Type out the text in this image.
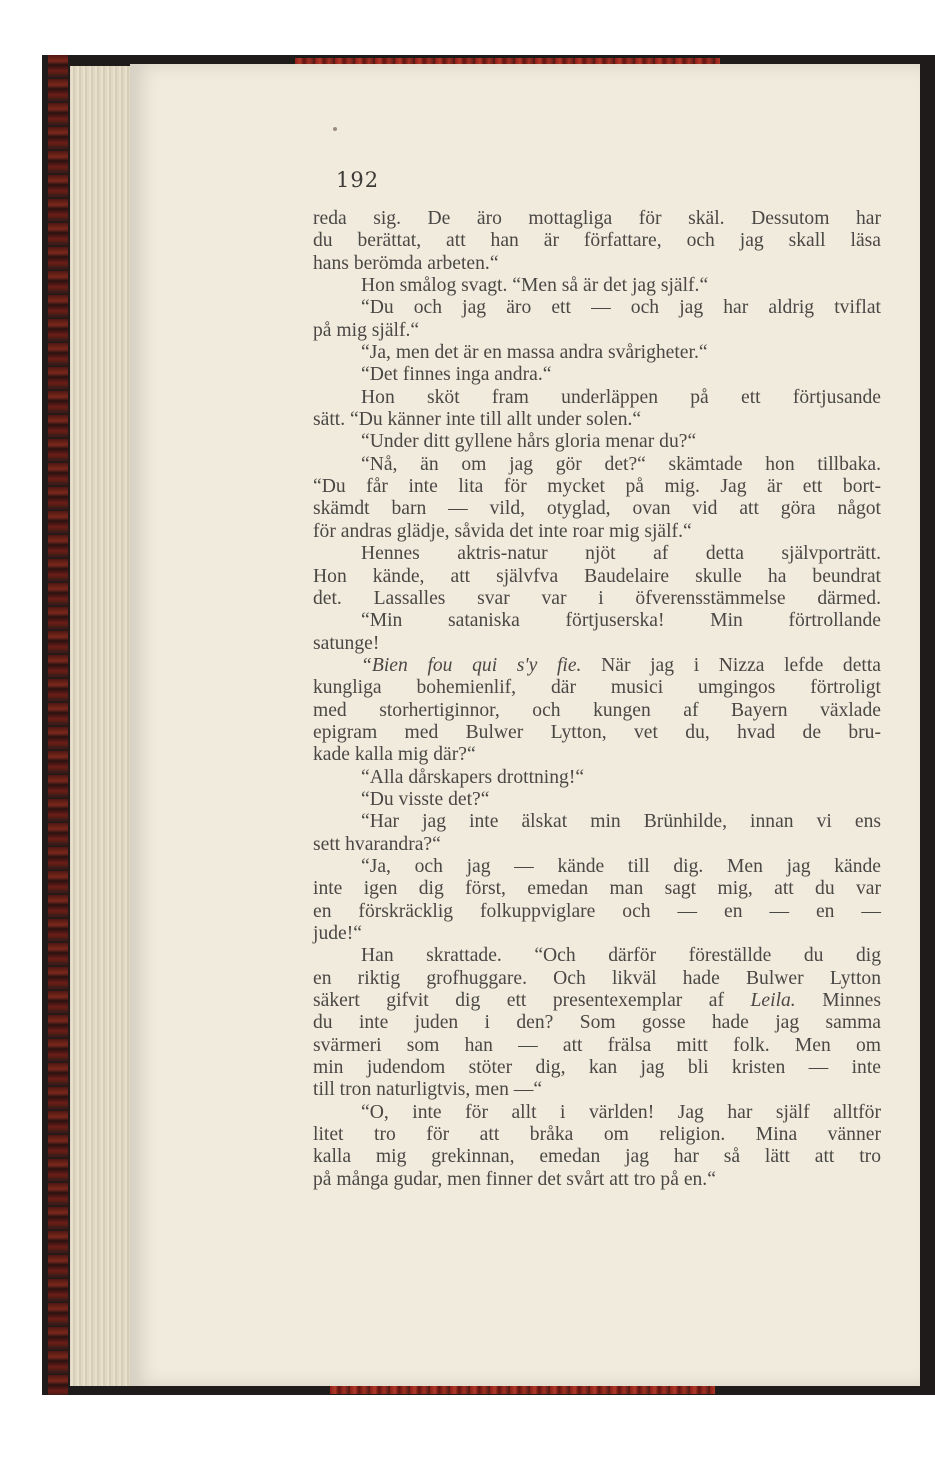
192
reda sig. De äro mottagliga för skäl. Dessutom har
du berättat, att han är författare, och jag skall läsa
hans berömda arbeten.“
Hon smålog svagt. “Men så är det jag själf.“
“Du och jag äro ett — och jag har aldrig tviflat
på mig själf.“
“Ja, men det är en massa andra svårigheter.“
“Det finnes inga andra.“
Hon sköt fram underläppen på ett förtjusande
sätt. “Du känner inte till allt under solen.“
“Under ditt gyllene hårs gloria menar du?“
“Nå, än om jag gör det?“ skämtade hon tillbaka.
“Du får inte lita för mycket på mig. Jag är ett bort-
skämdt barn — vild, otyglad, ovan vid att göra något
för andras glädje, såvida det inte roar mig själf.“
Hennes aktris-natur njöt af detta självporträtt.
Hon kände, att självfva Baudelaire skulle ha beundrat
det. Lassalles svar var i öfverensstämmelse därmed.
“Min sataniska förtjuserska! Min förtrollande
satunge!
“Bien fou qui s'y fie. När jag i Nizza lefde detta
kungliga bohemienlif, där musici umgingos förtroligt
med storhertiginnor, och kungen af Bayern växlade
epigram med Bulwer Lytton, vet du, hvad de bru-
kade kalla mig där?“
“Alla dårskapers drottning!“
“Du visste det?“
“Har jag inte älskat min Brünhilde, innan vi ens
sett hvarandra?“
“Ja, och jag — kände till dig. Men jag kände
inte igen dig först, emedan man sagt mig, att du var
en förskräcklig folkuppviglare och — en — en —
jude!“
Han skrattade. “Och därför föreställde du dig
en riktig grofhuggare. Och likväl hade Bulwer Lytton
säkert gifvit dig ett presentexemplar af Leila. Minnes
du inte juden i den? Som gosse hade jag samma
svärmeri som han — att frälsa mitt folk. Men om
min judendom stöter dig, kan jag bli kristen — inte
till tron naturligtvis, men —“
“O, inte för allt i världen! Jag har själf alltför
litet tro för att bråka om religion. Mina vänner
kalla mig grekinnan, emedan jag har så lätt att tro
på många gudar, men finner det svårt att tro på en.“
